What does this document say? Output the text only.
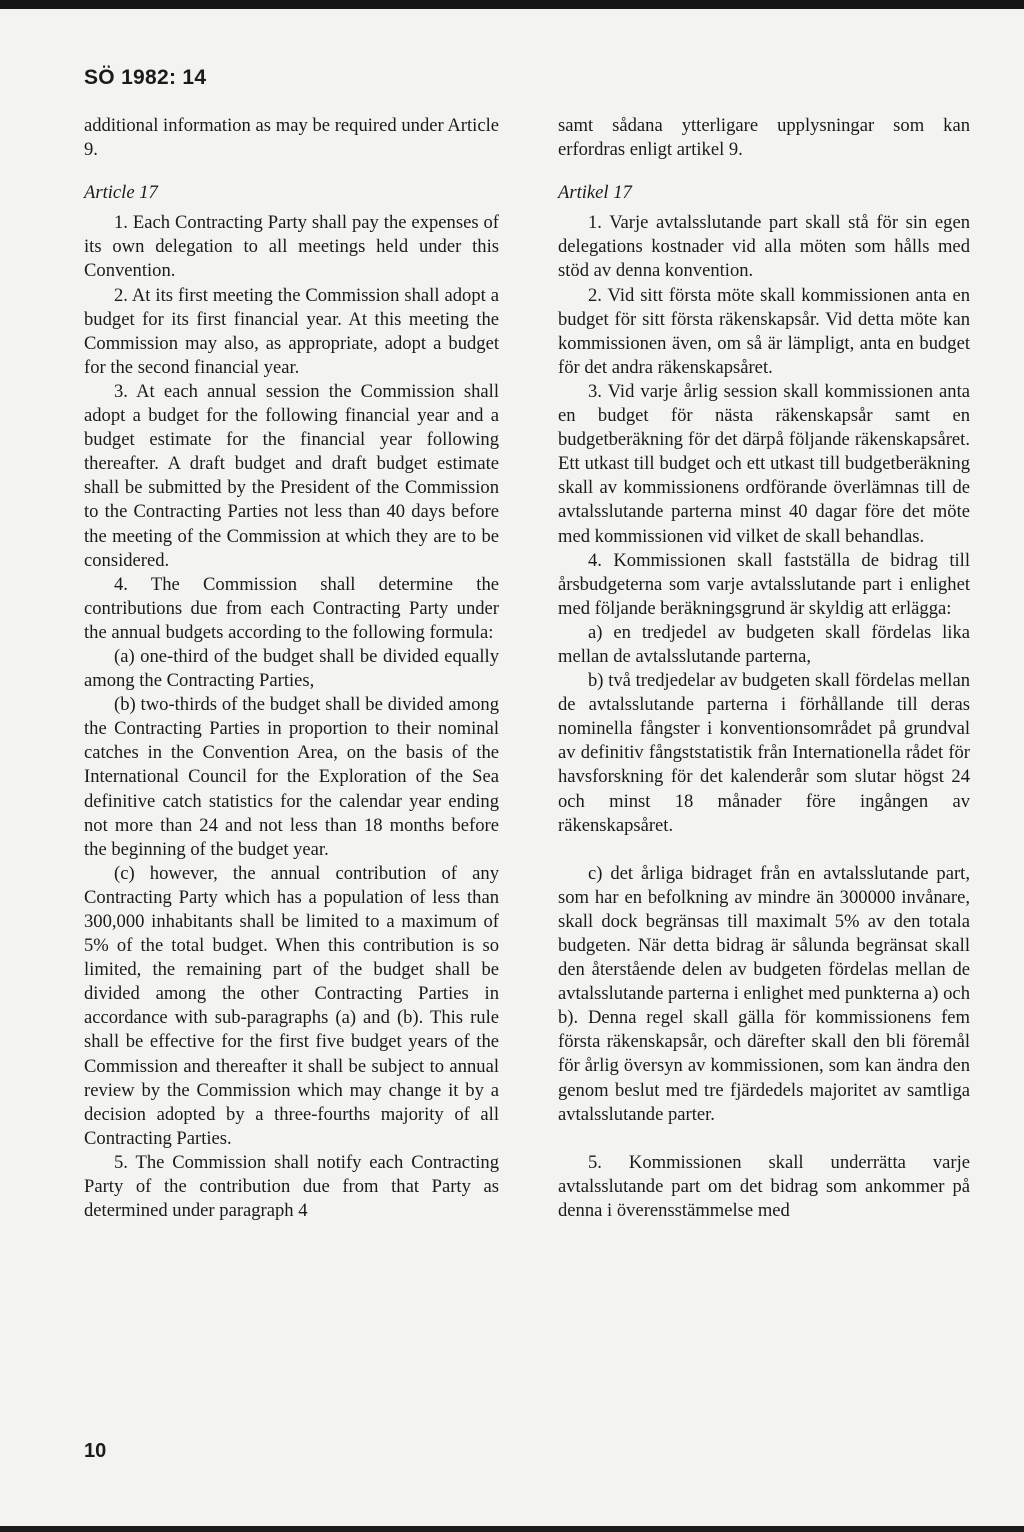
SÖ 1982: 14

additional information as may be required under Article 9.

Article 17

1. Each Contracting Party shall pay the expenses of its own delegation to all meetings held under this Convention.

2. At its first meeting the Commission shall adopt a budget for its first financial year. At this meeting the Commission may also, as appropriate, adopt a budget for the second financial year.

3. At each annual session the Commission shall adopt a budget for the following financial year and a budget estimate for the financial year following thereafter. A draft budget and draft budget estimate shall be submitted by the President of the Commission to the Contracting Parties not less than 40 days before the meeting of the Commission at which they are to be considered.

4. The Commission shall determine the contributions due from each Contracting Party under the annual budgets according to the following formula:

(a) one-third of the budget shall be divided equally among the Contracting Parties,

(b) two-thirds of the budget shall be divided among the Contracting Parties in proportion to their nominal catches in the Convention Area, on the basis of the International Council for the Exploration of the Sea definitive catch statistics for the calendar year ending not more than 24 and not less than 18 months before the beginning of the budget year.

(c) however, the annual contribution of any Contracting Party which has a population of less than 300,000 inhabitants shall be limited to a maximum of 5% of the total budget. When this contribution is so limited, the remaining part of the budget shall be divided among the other Contracting Parties in accordance with sub-paragraphs (a) and (b). This rule shall be effective for the first five budget years of the Commission and thereafter it shall be subject to annual review by the Commission which may change it by a decision adopted by a three-fourths majority of all Contracting Parties.

5. The Commission shall notify each Contracting Party of the contribution due from that Party as determined under paragraph 4

samt sådana ytterligare upplysningar som kan erfordras enligt artikel 9.

Artikel 17

1. Varje avtalsslutande part skall stå för sin egen delegations kostnader vid alla möten som hålls med stöd av denna konvention.

2. Vid sitt första möte skall kommissionen anta en budget för sitt första räkenskapsår. Vid detta möte kan kommissionen även, om så är lämpligt, anta en budget för det andra räkenskapsåret.

3. Vid varje årlig session skall kommissionen anta en budget för nästa räkenskapsår samt en budgetberäkning för det därpå följande räkenskapsåret. Ett utkast till budget och ett utkast till budgetberäkning skall av kommissionens ordförande överlämnas till de avtalsslutande parterna minst 40 dagar före det möte med kommissionen vid vilket de skall behandlas.

4. Kommissionen skall fastställa de bidrag till årsbudgeterna som varje avtalsslutande part i enlighet med följande beräkningsgrund är skyldig att erlägga:

a) en tredjedel av budgeten skall fördelas lika mellan de avtalsslutande parterna,

b) två tredjedelar av budgeten skall fördelas mellan de avtalsslutande parterna i förhållande till deras nominella fångster i konventionsområdet på grundval av definitiv fångststatistik från Internationella rådet för havsforskning för det kalenderår som slutar högst 24 och minst 18 månader före ingången av räkenskapsåret.

c) det årliga bidraget från en avtalsslutande part, som har en befolkning av mindre än 300000 invånare, skall dock begränsas till maximalt 5% av den totala budgeten. När detta bidrag är sålunda begränsat skall den återstående delen av budgeten fördelas mellan de avtalsslutande parterna i enlighet med punkterna a) och b). Denna regel skall gälla för kommissionens fem första räkenskapsår, och därefter skall den bli föremål för årlig översyn av kommissionen, som kan ändra den genom beslut med tre fjärdedels majoritet av samtliga avtalsslutande parter.

5. Kommissionen skall underrätta varje avtalsslutande part om det bidrag som ankommer på denna i överensstämmelse med

10
